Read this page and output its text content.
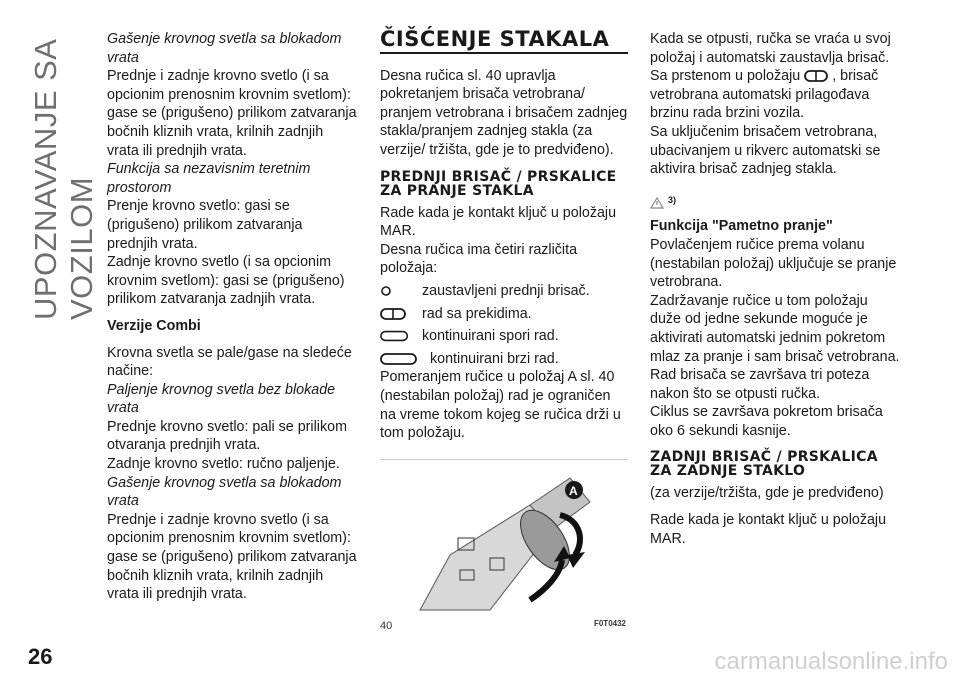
UPOZNAVANJE SA VOZILOM
26	carmanualsonline.info

Gašenje krovnog svetla sa blokadom vrata

Prednje i zadnje krovno svetlo (i sa opcionim prenosnim krovnim svetlom): gase se (prigušeno) prilikom zatvaranja bočnih kliznih vrata, krilnih zadnjih vrata ili prednjih vrata.

Funkcija sa nezavisnim teretnim prostorom

Prenje krovno svetlo: gasi se (prigušeno) prilikom zatvaranja prednjih vrata.

Zadnje krovno svetlo (i sa opcionim krovnim svetlom): gasi se (prigušeno) prilikom zatvaranja zadnjih vrata.

Verzije Combi

Krovna svetla se pale/gase na sledeće načine:

Paljenje krovnog svetla bez blokade vrata

Prednje krovno svetlo: pali se prilikom otvaranja prednjih vrata.

Zadnje krovno svetlo: ručno paljenje.

Gašenje krovnog svetla sa blokadom vrata

Prednje i zadnje krovno svetlo (i sa opcionim prenosnim krovnim svetlom): gase se (prigušeno) prilikom zatvaranja bočnih kliznih vrata, krilnih zadnjih vrata ili prednjih vrata.

ČIŠĆENJE STAKALA

Desna ručica sl. 40 upravlja pokretanjem brisača vetrobrana/ pranjem vetrobrana i brisačem zadnjeg stakla/pranjem zadnjeg stakla (za verzije/ tržišta, gde je to predviđeno).

PREDNJI BRISAČ / PRSKALICE ZA PRANJE STAKLA

Rade kada je kontakt ključ u položaju MAR.

Desna ručica ima četiri različita položaja:

zaustavljeni prednji brisač.
rad sa prekidima.
kontinuirani spori rad.
kontinuirani brzi rad.

Pomeranjem ručice u položaj A sl. 40 (nestabilan položaj) rad je ograničen na vreme tokom kojeg se ručica drži u tom položaju.

A
40	F0T0432

Kada se otpusti, ručka se vraća u svoj položaj i automatski zaustavlja brisač.

Sa prstenom u položaju , brisač vetrobrana automatski prilagođava brzinu rada brzini vozila.

Sa uključenim brisačem vetrobrana, ubacivanjem u rikverc automatski se aktivira brisač zadnjeg stakla.

3)

Funkcija "Pametno pranje"

Povlačenjem ručice prema volanu (nestabilan položaj) uključuje se pranje vetrobrana.

Zadržavanje ručice u tom položaju duže od jedne sekunde moguće je aktivirati automatski jednim pokretom mlaz za pranje i sam brisač vetrobrana.

Rad brisača se završava tri poteza nakon što se otpusti ručka.

Ciklus se završava pokretom brisača oko 6 sekundi kasnije.

ZADNJI BRISAČ / PRSKALICA ZA ZADNJE STAKLO

(za verzije/tržišta, gde je predviđeno)

Rade kada je kontakt ključ u položaju MAR.
